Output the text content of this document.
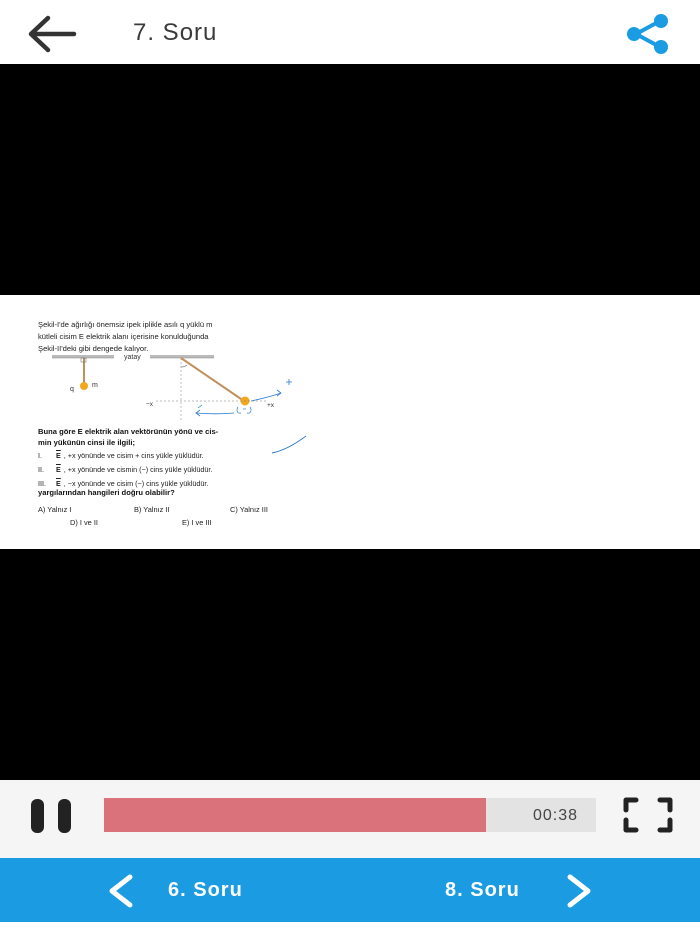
7. Soru
Şekil-I'de ağırlığı önemsiz ipek iplikle asılı q yüklü m
kütleli cisim E elektrik alanı içerisine konulduğunda
Şekil-II'deki gibi dengede kalıyor.
yatay
q
m
−x	+x
Buna göre E elektrik alan vektörünün yönü ve cis-
min yükünün cinsi ile ilgili;
I. $\overline{E}$ , +x yönünde ve cisim + cins yükle yüklüdür.
II. $\overline{E}$ , +x yönünde ve cismin (−) cins yükle yüklüdür.
III. $\overline{E}$ , −x yönünde ve cisim (−) cins yükle yüklüdür.
yargılarından hangileri doğru olabilir?
A) Yalnız I	B) Yalnız II	C) Yalnız III
D) I ve II	E) I ve III
00:38
6. Soru	8. Soru
